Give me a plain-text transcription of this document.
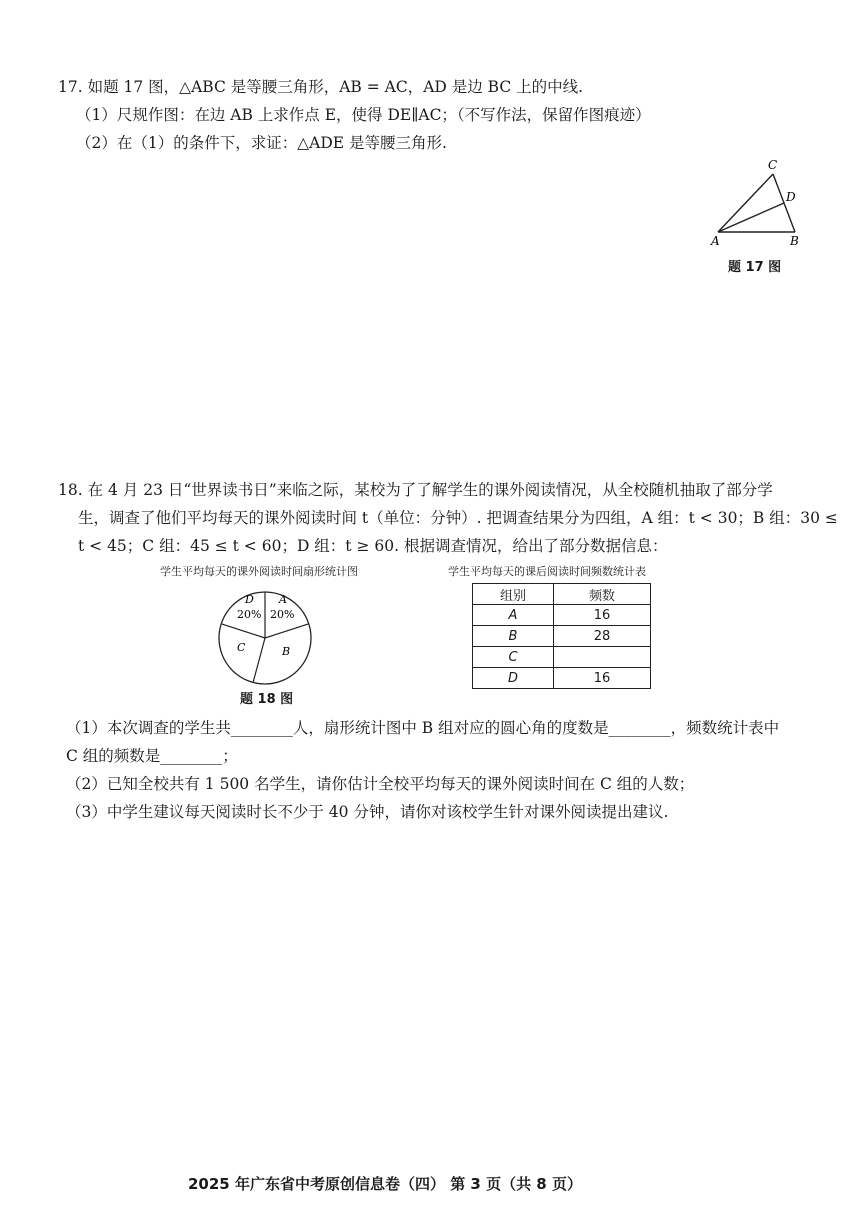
17. 如题 17 图，△ABC 是等腰三角形，AB = AC，AD 是边 BC 上的中线.
（1）尺规作图：在边 AB 上求作点 E，使得 DE∥AC；（不写作法，保留作图痕迹）
（2）在（1）的条件下，求证：△ADE 是等腰三角形.
C
D
A	B
题 17 图
18. 在 4 月 23 日“世界读书日”来临之际，某校为了了解学生的课外阅读情况，从全校随机抽取了部分学
生，调查了他们平均每天的课外阅读时间 t（单位：分钟）. 把调查结果分为四组，A 组：t < 30；B 组：30 ≤
t < 45；C 组：45 ≤ t < 60；D 组：t ≥ 60. 根据调查情况，给出了部分数据信息：
学生平均每天的课外阅读时间扇形统计图	学生平均每天的课后阅读时间频数统计表
D
20%
A
20%
C	B
题 18 图
组别	频数
A	16
B	28
C	
D	16
（1）本次调查的学生共________人，扇形统计图中 B 组对应的圆心角的度数是________，频数统计表中
C 组的频数是________；
（2）已知全校共有 1 500 名学生，请你估计全校平均每天的课外阅读时间在 C 组的人数；
（3）中学生建议每天阅读时长不少于 40 分钟，请你对该校学生针对课外阅读提出建议.
2025 年广东省中考原创信息卷（四） 第 3 页（共 8 页）
